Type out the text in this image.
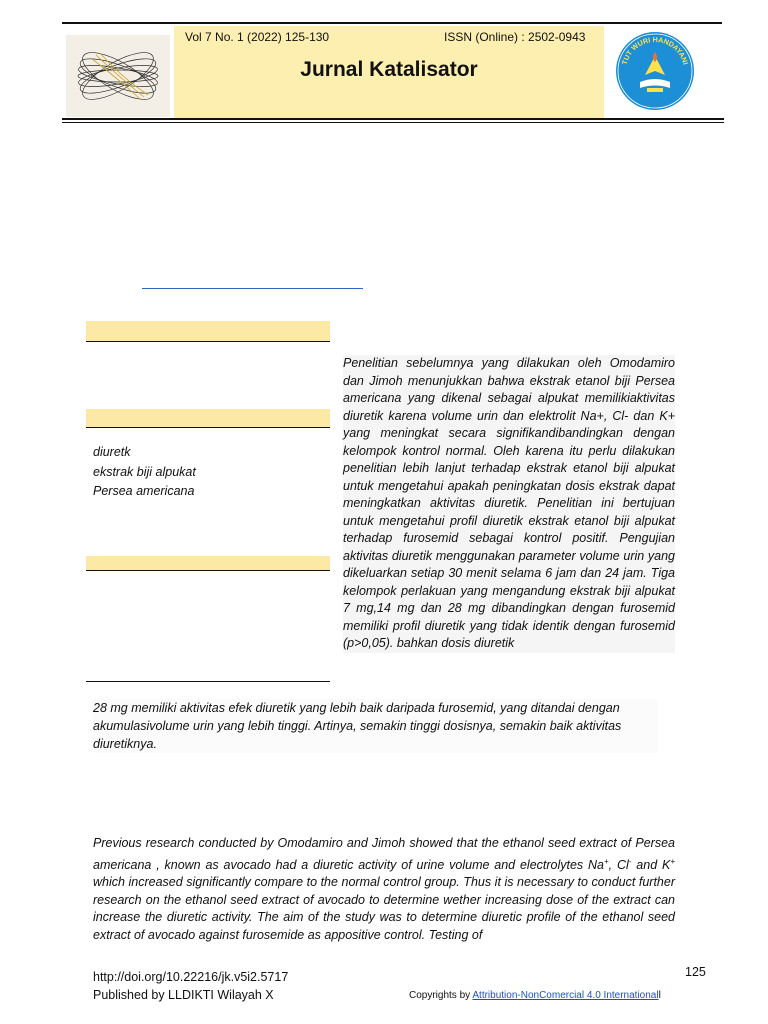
Vol 7 No. 1 (2022) 125-130	ISSN (Online) : 2502-0943
Jurnal Katalisator	TUT WURI HANDAYANI
diuretk
ekstrak biji alpukat
Persea americana
Penelitian sebelumnya yang dilakukan oleh Omodamiro dan Jimoh menunjukkan bahwa ekstrak etanol biji Persea americana yang dikenal sebagai alpukat memilikiaktivitas diuretik karena volume urin dan elektrolit Na+, Cl- dan K+ yang meningkat secara signifikandibandingkan dengan kelompok kontrol normal. Oleh karena itu perlu dilakukan penelitian lebih lanjut terhadap ekstrak etanol biji alpukat untuk mengetahui apakah peningkatan dosis ekstrak dapat meningkatkan aktivitas diuretik. Penelitian ini bertujuan untuk mengetahui profil diuretik ekstrak etanol biji alpukat terhadap furosemid sebagai kontrol positif. Pengujian aktivitas diuretik menggunakan parameter volume urin yang dikeluarkan setiap 30 menit selama 6 jam dan 24 jam. Tiga kelompok perlakuan yang mengandung ekstrak biji alpukat 7 mg,14 mg dan 28 mg dibandingkan dengan furosemid memiliki profil diuretik yang tidak identik dengan furosemid (p>0,05). bahkan dosis diuretik
28 mg memiliki aktivitas efek diuretik yang lebih baik daripada furosemid, yang ditandai dengan akumulasivolume urin yang lebih tinggi. Artinya, semakin tinggi dosisnya, semakin baik aktivitas diuretiknya.
Previous research conducted by Omodamiro and Jimoh showed that the ethanol seed extract of Persea americana , known as avocado had a diuretic activity of urine volume and electrolytes Na+, Cl- and K+ which increased significantly compare to the normal control group. Thus it is necessary to conduct further research on the ethanol seed extract of avocado to determine wether increasing dose of the extract can increase the diuretic activity. The aim of the study was to determine diuretic profile of the ethanol seed extract of avocado against furosemide as appositive control. Testing of
http://doi.org/10.22216/jk.v5i2.5717
Published by LLDIKTI Wilayah X
125
Copyrights by Attribution-NonComercial 4.0 Internationall
